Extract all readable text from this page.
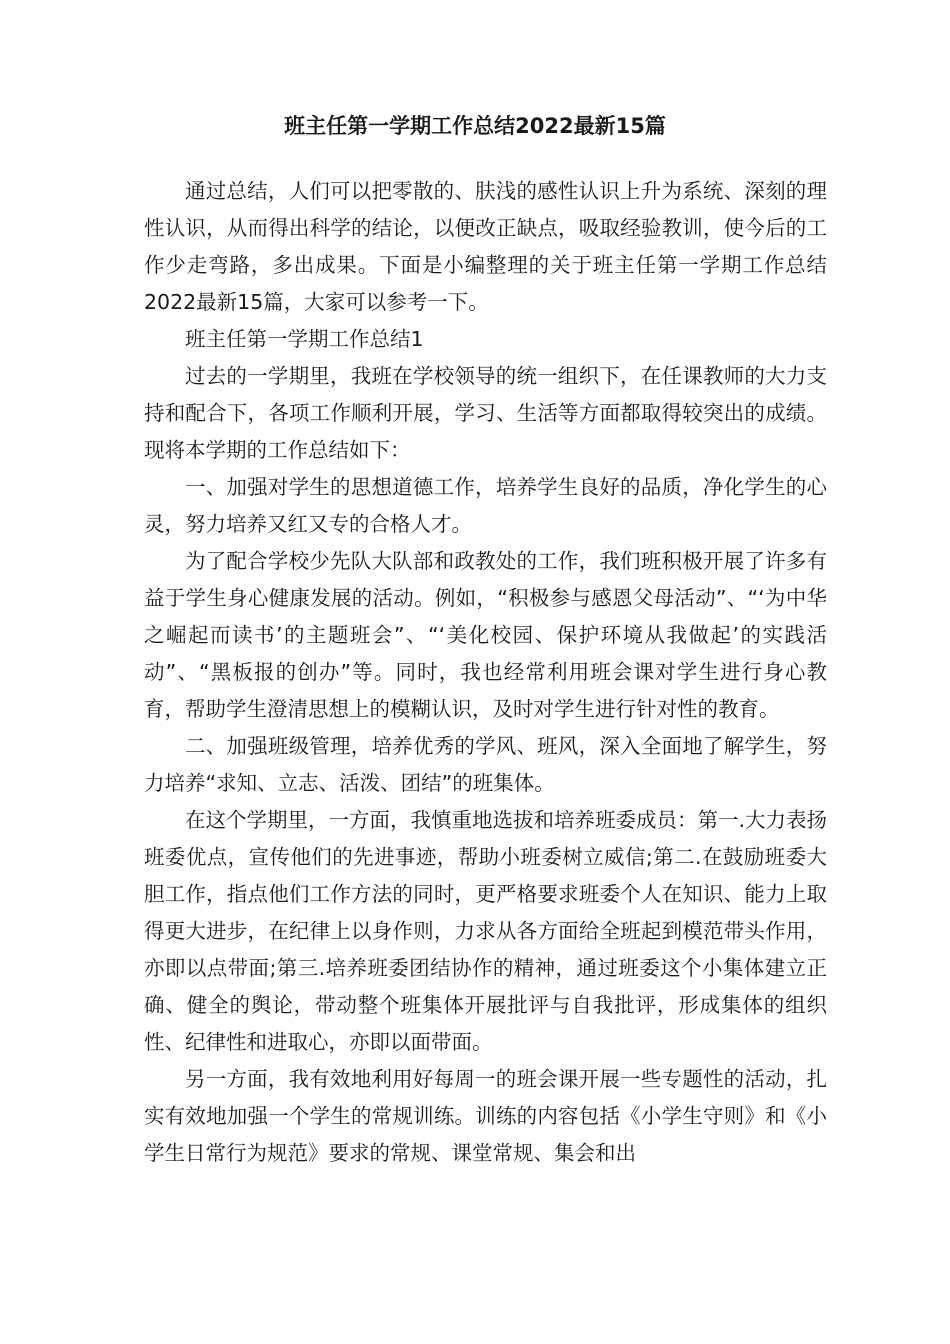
班主任第一学期工作总结2022最新15篇

通过总结，人们可以把零散的、肤浅的感性认识上升为系统、深刻的理性认识，从而得出科学的结论，以便改正缺点，吸取经验教训，使今后的工作少走弯路，多出成果。下面是小编整理的关于班主任第一学期工作总结2022最新15篇，大家可以参考一下。

班主任第一学期工作总结1

过去的一学期里，我班在学校领导的统一组织下，在任课教师的大力支持和配合下，各项工作顺利开展，学习、生活等方面都取得较突出的成绩。现将本学期的工作总结如下：

一、加强对学生的思想道德工作，培养学生良好的品质，净化学生的心灵，努力培养又红又专的合格人才。

为了配合学校少先队大队部和政教处的工作，我们班积极开展了许多有益于学生身心健康发展的活动。例如，“积极参与感恩父母活动”、“‘为中华之崛起而读书’的主题班会”、“‘美化校园、保护环境从我做起’的实践活动”、“黑板报的创办”等。同时，我也经常利用班会课对学生进行身心教育，帮助学生澄清思想上的模糊认识，及时对学生进行针对性的教育。

二、加强班级管理，培养优秀的学风、班风，深入全面地了解学生，努力培养“求知、立志、活泼、团结”的班集体。

在这个学期里，一方面，我慎重地选拔和培养班委成员：第一.大力表扬班委优点，宣传他们的先进事迹，帮助小班委树立威信;第二.在鼓励班委大胆工作，指点他们工作方法的同时，更严格要求班委个人在知识、能力上取得更大进步，在纪律上以身作则，力求从各方面给全班起到模范带头作用，亦即以点带面;第三.培养班委团结协作的精神，通过班委这个小集体建立正确、健全的舆论，带动整个班集体开展批评与自我批评，形成集体的组织性、纪律性和进取心，亦即以面带面。

另一方面，我有效地利用好每周一的班会课开展一些专题性的活动，扎实有效地加强一个学生的常规训练。训练的内容包括《小学生守则》和《小学生日常行为规范》要求的常规、课堂常规、集会和出
